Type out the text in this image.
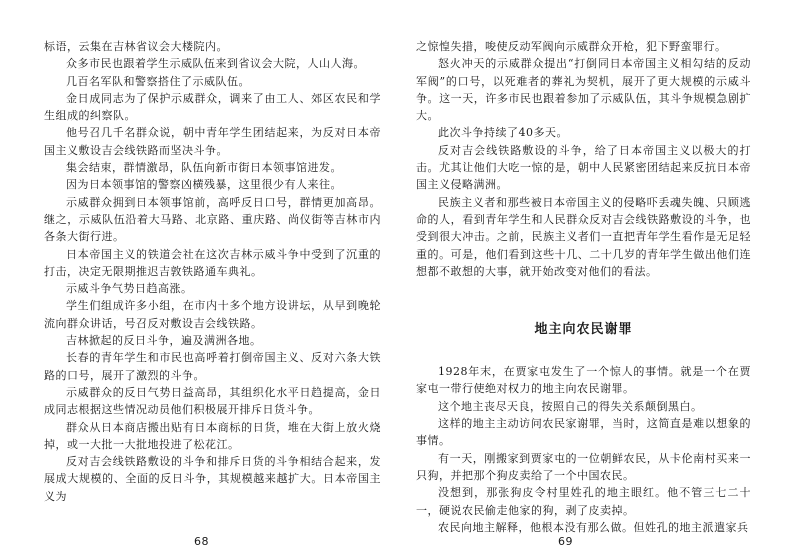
标语，云集在吉林省议会大楼院内。

众多市民也跟着学生示威队伍来到省议会大院，人山人海。

几百名军队和警察搭住了示威队伍。

金日成同志为了保护示威群众，调来了由工人、郊区农民和学生组成的纠察队。

他号召几千名群众说，朝中青年学生团结起来，为反对日本帝国主义敷设吉会线铁路而坚决斗争。

集会结束，群情激昂，队伍向新市街日本领事馆进发。

因为日本领事馆的警察凶横残暴，这里很少有人来往。

示威群众拥到日本领事馆前，高呼反日口号，群情更加高昂。继之，示威队伍沿着大马路、北京路、重庆路、尚仪街等吉林市内各条大街行进。

日本帝国主义的铁道会社在这次吉林示威斗争中受到了沉重的打击，决定无限期推迟吉敦铁路通车典礼。

示威斗争气势日趋高涨。

学生们组成许多小组，在市内十多个地方设讲坛，从早到晚轮流向群众讲话，号召反对敷设吉会线铁路。

吉林掀起的反日斗争，遍及满洲各地。

长春的青年学生和市民也高呼着打倒帝国主义、反对六条大铁路的口号，展开了激烈的斗争。

示威群众的反日气势日益高昂，其组织化水平日趋提高，金日成同志根据这些情况动员他们积极展开排斥日货斗争。

群众从日本商店搬出贴有日本商标的日货，堆在大街上放火烧掉，或一大批一大批地投进了松花江。

反对吉会线铁路敷设的斗争和排斥日货的斗争相结合起来，发展成大规模的、全面的反日斗争，其规模越来越扩大。日本帝国主义为

68

之惊惶失措，唆使反动军阀向示威群众开枪，犯下野蛮罪行。

怒火冲天的示威群众提出“打倒同日本帝国主义相勾结的反动军阀”的口号，以死难者的葬礼为契机，展开了更大规模的示威斗争。这一天，许多市民也跟着参加了示威队伍，其斗争规模急剧扩大。

此次斗争持续了40多天。

反对吉会线铁路敷设的斗争，给了日本帝国主义以极大的打击。尤其让他们大吃一惊的是，朝中人民紧密团结起来反抗日本帝国主义侵略满洲。

民族主义者和那些被日本帝国主义的侵略吓丢魂失魄、只顾逃命的人，看到青年学生和人民群众反对吉会线铁路敷设的斗争，也受到很大冲击。之前，民族主义者们一直把青年学生看作是无足轻重的。可是，他们看到这些十几、二十几岁的青年学生做出他们连想都不敢想的大事，就开始改变对他们的看法。

地主向农民谢罪

1928年末，在贾家屯发生了一个惊人的事情。就是一个在贾家屯一带行使绝对权力的地主向农民谢罪。

这个地主丧尽天良，按照自己的得失关系颠倒黑白。

这样的地主主动访问农民家谢罪，当时，这简直是难以想象的事情。

有一天，刚搬家到贾家屯的一位朝鲜农民，从卡伦南村买来一只狗，并把那个狗皮卖给了一个中国农民。

没想到，那张狗皮令村里姓孔的地主眼红。他不管三七二十一，硬说农民偷走他家的狗，剥了皮卖掉。

农民向地主解释，他根本没有那么做。但姓孔的地主派遣家兵

69
